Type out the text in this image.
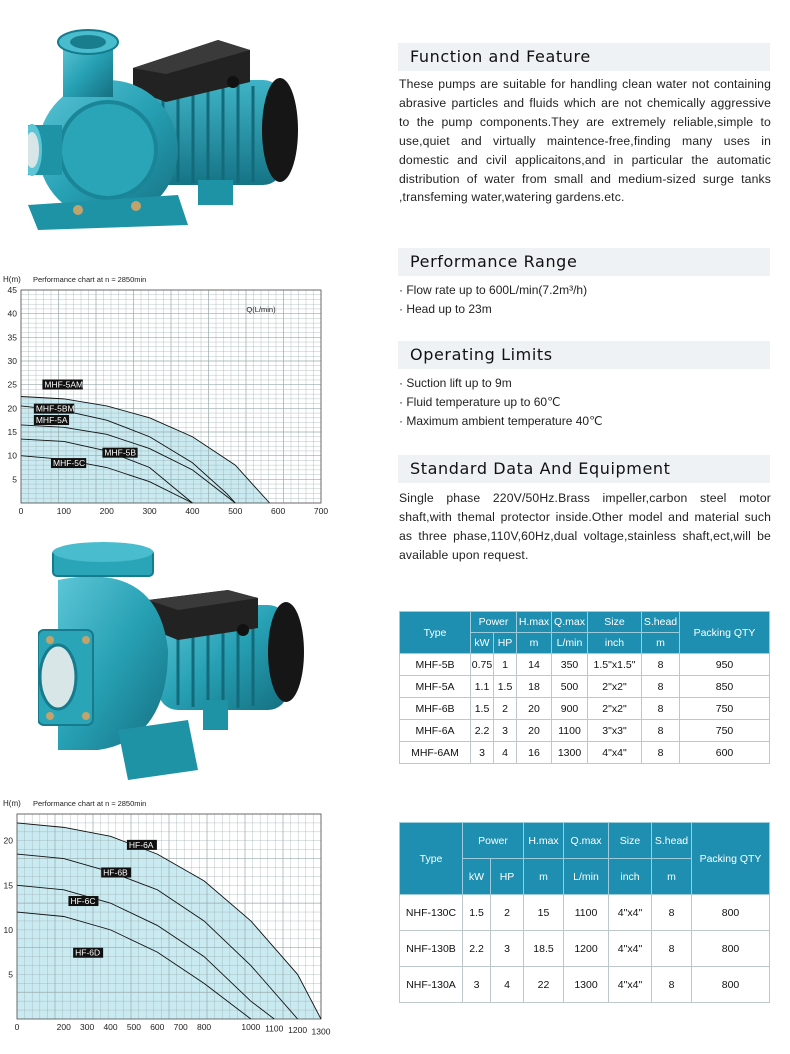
Function and Feature
These pumps are suitable for handling clean water not containing abrasive particles and fluids which are not chemically aggressive to the pump components.They are extremely reliable,simple to use,quiet and virtually maintence-free,finding many uses in domestic and civil applicaitons,and in particular the automatic distribution of water from small and medium-sized surge tanks ,transfeming water,watering gardens.etc.
Performance Range
· Flow rate up to 600L/min(7.2m³/h)
· Head up to 23m
Operating Limits
· Suction lift up to 9m
· Fluid temperature up to 60℃
· Maximum ambient temperature 40℃
Standard Data And Equipment
Single phase 220V/50Hz.Brass impeller,carbon steel motor shaft,with themal protector inside.Other model and material such as three phase,110V,60Hz,dual voltage,stainless shaft,ect,will be available upon request.
Type	Power		H.max	Q.max	Size	S.head	Packing QTY
	kW	HP	m	L/min	inch	m	
MHF-5B	0.75	1	14	350	1.5"x1.5"	8	950
MHF-5A	1.1	1.5	18	500	2"x2"	8	850
MHF-6B	1.5	2	20	900	2"x2"	8	750
MHF-6A	2.2	3	20	1100	3"x3"	8	750
MHF-6AM	3	4	16	1300	4"x4"	8	600
Type	Power		H.max	Q.max	Size	S.head	Packing QTY
	kW	HP	m	L/min	inch	m	
NHF-130C	1.5	2	15	1100	4"x4"	8	800
NHF-130B	2.2	3	18.5	1200	4"x4"	8	800
NHF-130A	3	4	22	1300	4"x4"	8	800
MHF-5AM
MHF-5BM
MHF-5A
MHF-5B
MHF-5C
5
10
15
20
25
30
35
40
45
0	100	200	300	400	500	600	700
H(m) Performance chart at n ≈ 2850min
Q(L/min)
HF-6A
HF-6B
HF-6C
HF-6D
5
10
15
20
0	200 300 400 500 600 700 800	1000 1100 1200 1300
H(m) Performance chart at n ≈ 2850min
